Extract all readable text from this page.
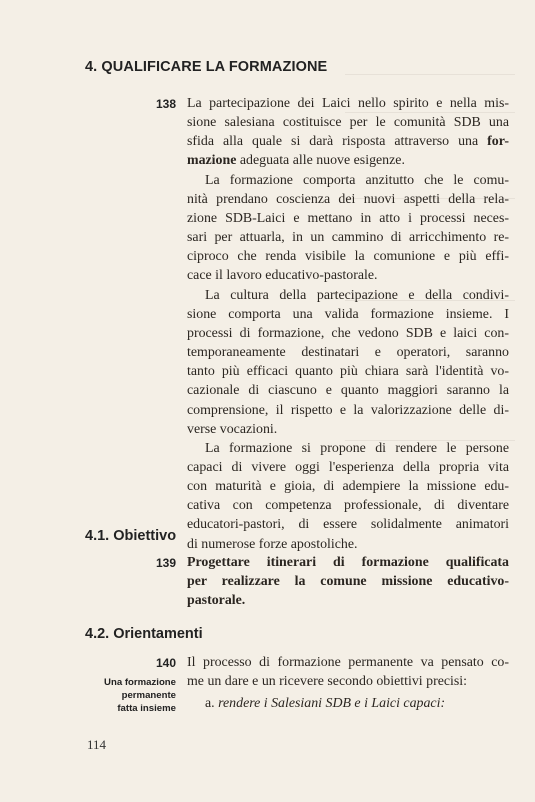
4. QUALIFICARE LA FORMAZIONE
138 La partecipazione dei Laici nello spirito e nella mis-
sione salesiana costituisce per le comunità SDB una
sfida alla quale si darà risposta attraverso una for-
mazione adeguata alle nuove esigenze.
La formazione comporta anzitutto che le comu-
nità prendano coscienza dei nuovi aspetti della rela-
zione SDB-Laici e mettano in atto i processi neces-
sari per attuarla, in un cammino di arricchimento re-
ciproco che renda visibile la comunione e più effi-
cace il lavoro educativo-pastorale.
La cultura della partecipazione e della condivi-
sione comporta una valida formazione insieme. I
processi di formazione, che vedono SDB e laici con-
temporaneamente destinatari e operatori, saranno
tanto più efficaci quanto più chiara sarà l'identità vo-
cazionale di ciascuno e quanto maggiori saranno la
comprensione, il rispetto e la valorizzazione delle di-
verse vocazioni.
La formazione si propone di rendere le persone
capaci di vivere oggi l'esperienza della propria vita
con maturità e gioia, di adempiere la missione edu-
cativa con competenza professionale, di diventare
educatori-pastori, di essere solidalmente animatori
di numerose forze apostoliche.
4.1. Obiettivo
139 Progettare itinerari di formazione qualificata
per realizzare la comune missione educativo-
pastorale.
4.2. Orientamenti
140
Una formazione
permanente
fatta insieme
Il processo di formazione permanente va pensato co-
me un dare e un ricevere secondo obiettivi precisi:
a. rendere i Salesiani SDB e i Laici capaci:
114
